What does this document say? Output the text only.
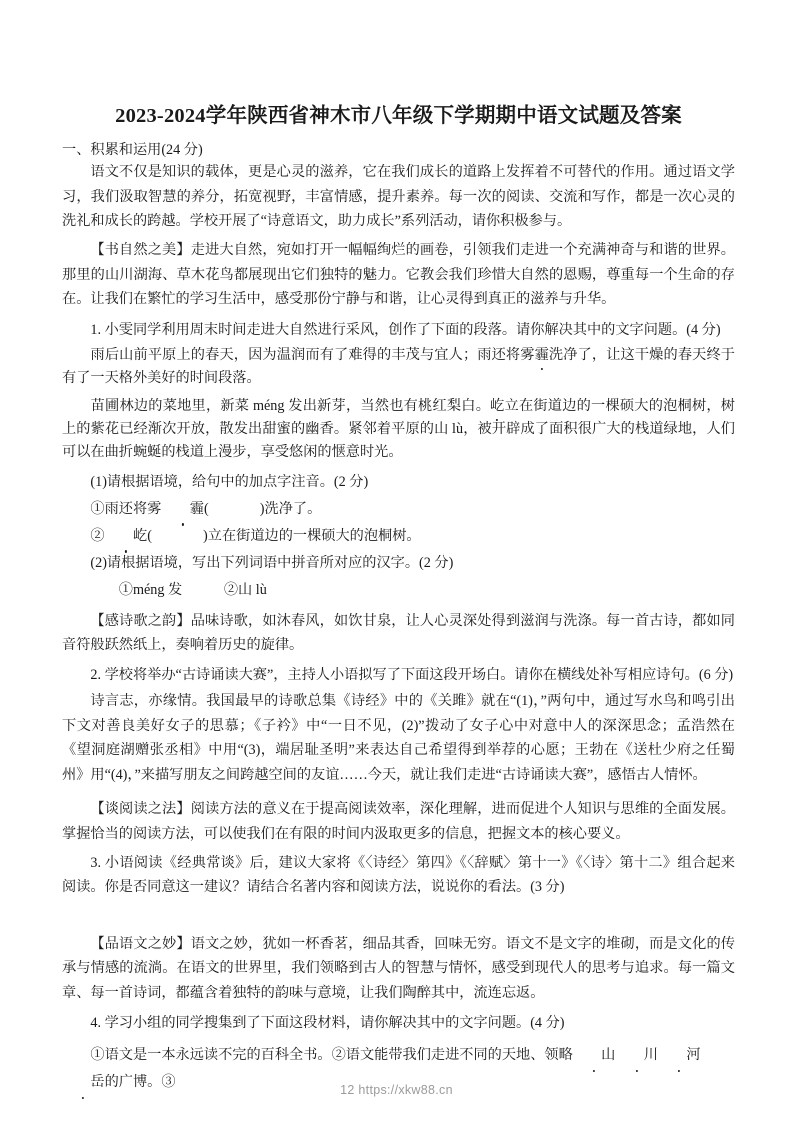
2023-2024学年陕西省神木市八年级下学期期中语文试题及答案
一、积累和运用(24 分)

语文不仅是知识的载体，更是心灵的滋养，它在我们成长的道路上发挥着不可替代的作用。通过语文学习，我们汲取智慧的养分，拓宽视野，丰富情感，提升素养。每一次的阅读、交流和写作，都是一次心灵的洗礼和成长的跨越。学校开展了“诗意语文，助力成长”系列活动，请你积极参与。

【书自然之美】走进大自然，宛如打开一幅幅绚烂的画卷，引领我们走进一个充满神奇与和谐的世界。那里的山川湖海、草木花鸟都展现出它们独特的魅力。它教会我们珍惜大自然的恩赐，尊重每一个生命的存在。让我们在繁忙的学习生活中，感受那份宁静与和谐，让心灵得到真正的滋养与升华。

1. 小雯同学利用周末时间走进大自然进行采风，创作了下面的段落。请你解决其中的文字问题。(4 分)

雨后山前平原上的春天，因为温润而有了难得的丰茂与宜人；雨还将雾霾洗净了，让这干燥的春天终于有了一天格外美好的时间段落。

苗圃林边的菜地里，新菜 méng 发出新芽，当然也有桃红梨白。屹立在街道边的一棵硕大的泡桐树，树上的紫花已经渐次开放，散发出甜蜜的幽香。紧邻着平原的山 lù，被开辟成了面积很广大的栈道绿地，人们可以在曲折蜿蜒的栈道上漫步，享受悠闲的惬意时光。

(1)请根据语境，给句中的加点字注音。(2 分)

①雨还将雾 霾(	)洗净了。

② 屹(	)立在街道边的一棵硕大的泡桐树。

(2)请根据语境，写出下列词语中拼音所对应的汉字。(2 分)

①méng 发	②山 lù

【感诗歌之韵】品味诗歌，如沐春风，如饮甘泉，让人心灵深处得到滋润与洗涤。每一首古诗，都如同音符般跃然纸上，奏响着历史的旋律。

2. 学校将举办“古诗诵读大赛”，主持人小语拟写了下面这段开场白。请你在横线处补写相应诗句。(6 分)

诗言志，亦缘情。我国最早的诗歌总集《诗经》中的《关雎》就在“(1)，”两句中，通过写水鸟和鸣引出下文对善良美好女子的思慕；《子衿》中“一日不见，(2)”拨动了女子心中对意中人的深深思念；孟浩然在《望洞庭湖赠张丞相》中用“(3)，端居耻圣明”来表达自己希望得到举荐的心愿；王勃在《送杜少府之任蜀州》用“(4)，”来描写朋友之间跨越空间的友谊……今天，就让我们走进“古诗诵读大赛”，感悟古人情怀。

【谈阅读之法】阅读方法的意义在于提高阅读效率，深化理解，进而促进个人知识与思维的全面发展。掌握恰当的阅读方法，可以使我们在有限的时间内汲取更多的信息，把握文本的核心要义。

3. 小语阅读《经典常谈》后，建议大家将《〈诗经〉第四》《〈辞赋〉第十一》《〈诗〉第十二》组合起来阅读。你是否同意这一建议？请结合名著内容和阅读方法，说说你的看法。(3 分)

【品语文之妙】语文之妙，犹如一杯香茗，细品其香，回味无穷。语文不是文字的堆砌，而是文化的传承与情感的流淌。在语文的世界里，我们领略到古人的智慧与情怀，感受到现代人的思考与追求。每一篇文章、每一首诗词，都蕴含着独特的韵味与意境，让我们陶醉其中，流连忘返。

4. 学习小组的同学搜集到了下面这段材料，请你解决其中的文字问题。(4 分)

①语文是一本永远读不完的百科全书。②语文能带我们走进不同的天地、领略 山 川 河岳的广博。③	12 https://xkw88.cn
